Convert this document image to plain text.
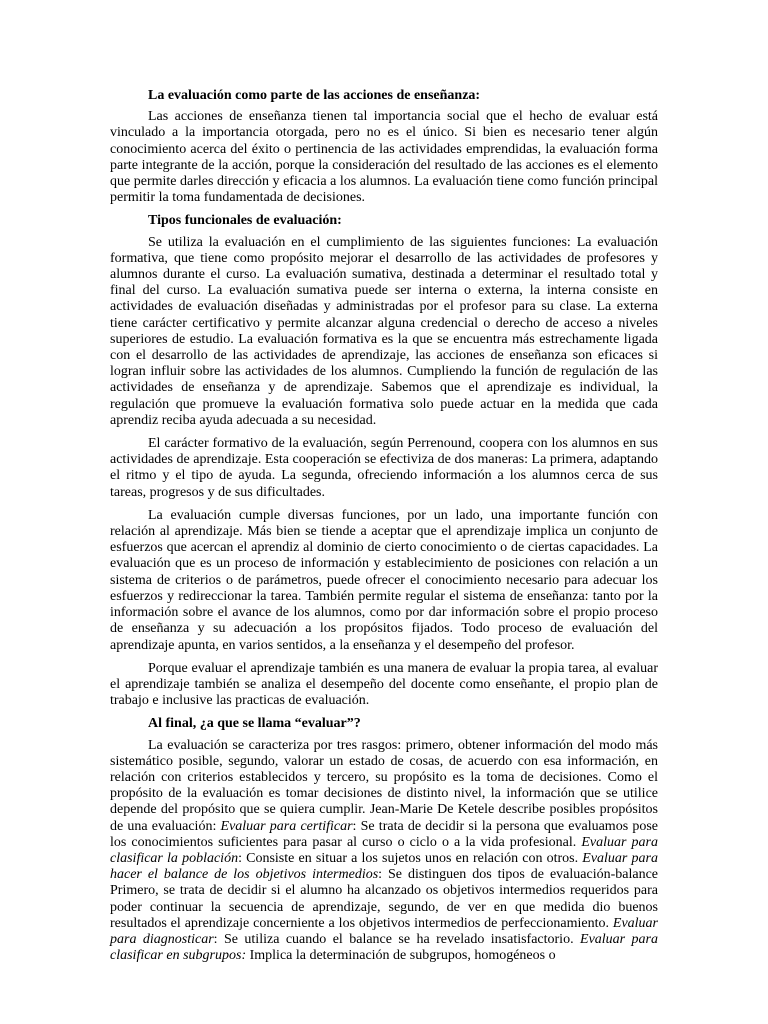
La evaluación como parte de las acciones de enseñanza:

Las acciones de enseñanza tienen tal importancia social que el hecho de evaluar está vinculado a la importancia otorgada, pero no es el único. Si bien es necesario tener algún conocimiento acerca del éxito o pertinencia de las actividades emprendidas, la evaluación forma parte integrante de la acción, porque la consideración del resultado de las acciones es el elemento que permite darles dirección y eficacia a los alumnos. La evaluación tiene como función principal permitir la toma fundamentada de decisiones.

Tipos funcionales de evaluación:

Se utiliza la evaluación en el cumplimiento de las siguientes funciones: La evaluación formativa, que tiene como propósito mejorar el desarrollo de las actividades de profesores y alumnos durante el curso. La evaluación sumativa, destinada a determinar el resultado total y final del curso. La evaluación sumativa puede ser interna o externa, la interna consiste en actividades de evaluación diseñadas y administradas por el profesor para su clase. La externa tiene carácter certificativo y permite alcanzar alguna credencial o derecho de acceso a niveles superiores de estudio. La evaluación formativa es la que se encuentra más estrechamente ligada con el desarrollo de las actividades de aprendizaje, las acciones de enseñanza son eficaces si logran influir sobre las actividades de los alumnos. Cumpliendo la función de regulación de las actividades de enseñanza y de aprendizaje. Sabemos que el aprendizaje es individual, la regulación que promueve la evaluación formativa solo puede actuar en la medida que cada aprendiz reciba ayuda adecuada a su necesidad.

El carácter formativo de la evaluación, según Perrenound, coopera con los alumnos en sus actividades de aprendizaje. Esta cooperación se efectiviza de dos maneras: La primera, adaptando el ritmo y el tipo de ayuda. La segunda, ofreciendo información a los alumnos cerca de sus tareas, progresos y de sus dificultades.

La evaluación cumple diversas funciones, por un lado, una importante función con relación al aprendizaje. Más bien se tiende a aceptar que el aprendizaje implica un conjunto de esfuerzos que acercan el aprendiz al dominio de cierto conocimiento o de ciertas capacidades. La evaluación que es un proceso de información y establecimiento de posiciones con relación a un sistema de criterios o de parámetros, puede ofrecer el conocimiento necesario para adecuar los esfuerzos y redireccionar la tarea. También permite regular el sistema de enseñanza: tanto por la información sobre el avance de los alumnos, como por dar información sobre el propio proceso de enseñanza y su adecuación a los propósitos fijados. Todo proceso de evaluación del aprendizaje apunta, en varios sentidos, a la enseñanza y el desempeño del profesor.

Porque evaluar el aprendizaje también es una manera de evaluar la propia tarea, al evaluar el aprendizaje también se analiza el desempeño del docente como enseñante, el propio plan de trabajo e inclusive las practicas de evaluación.

Al final, ¿a que se llama “evaluar”?

La evaluación se caracteriza por tres rasgos: primero, obtener información del modo más sistemático posible, segundo, valorar un estado de cosas, de acuerdo con esa información, en relación con criterios establecidos y tercero, su propósito es la toma de decisiones. Como el propósito de la evaluación es tomar decisiones de distinto nivel, la información que se utilice depende del propósito que se quiera cumplir. Jean-Marie De Ketele describe posibles propósitos de una evaluación: Evaluar para certificar: Se trata de decidir si la persona que evaluamos pose los conocimientos suficientes para pasar al curso o ciclo o a la vida profesional. Evaluar para clasificar la población: Consiste en situar a los sujetos unos en relación con otros. Evaluar para hacer el balance de los objetivos intermedios: Se distinguen dos tipos de evaluación-balance Primero, se trata de decidir si el alumno ha alcanzado os objetivos intermedios requeridos para poder continuar la secuencia de aprendizaje, segundo, de ver en que medida dio buenos resultados el aprendizaje concerniente a los objetivos intermedios de perfeccionamiento. Evaluar para diagnosticar: Se utiliza cuando el balance se ha revelado insatisfactorio. Evaluar para clasificar en subgrupos: Implica la determinación de subgrupos, homogéneos o
